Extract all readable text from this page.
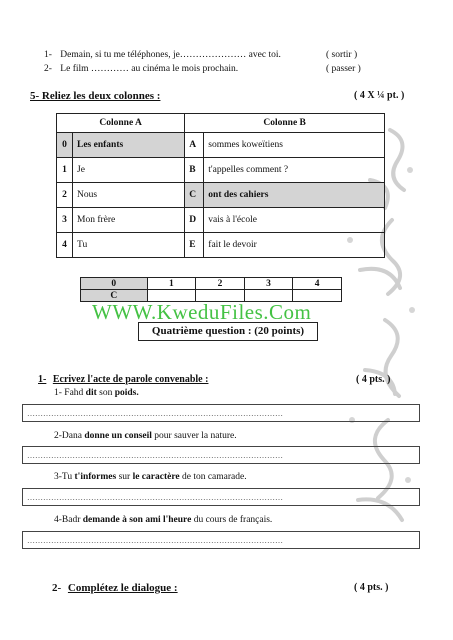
1- Demain, si tu me téléphones, je………………… avec toi.	( sortir )
2- Le film ………… au cinéma le mois prochain.	( passer )
5- Reliez les deux colonnes :	( 4 X ¼ pt. )
Colonne A		Colonne B	
0	Les enfants	A	sommes koweïtiens
1	Je	B	t'appelles comment ?
2	Nous	C	ont des cahiers
3	Mon frère	D	vais à l'école
4	Tu	E	fait le devoir
0	1	2	3	4
C				
WWW.KweduFiles.Com
Quatrième question : (20 points)
1- Ecrivez l'acte de parole convenable :	( 4 pts. )
1- Fahd dit son poids.
……………………………………………………………………………………
2-Dana donne un conseil pour sauver la nature.
……………………………………………………………………………………
3-Tu t'informes sur le caractère de ton camarade.
……………………………………………………………………………………
4-Badr demande à son ami l'heure du cours de français.
……………………………………………………………………………………
2- Complétez le dialogue :	( 4 pts. )
